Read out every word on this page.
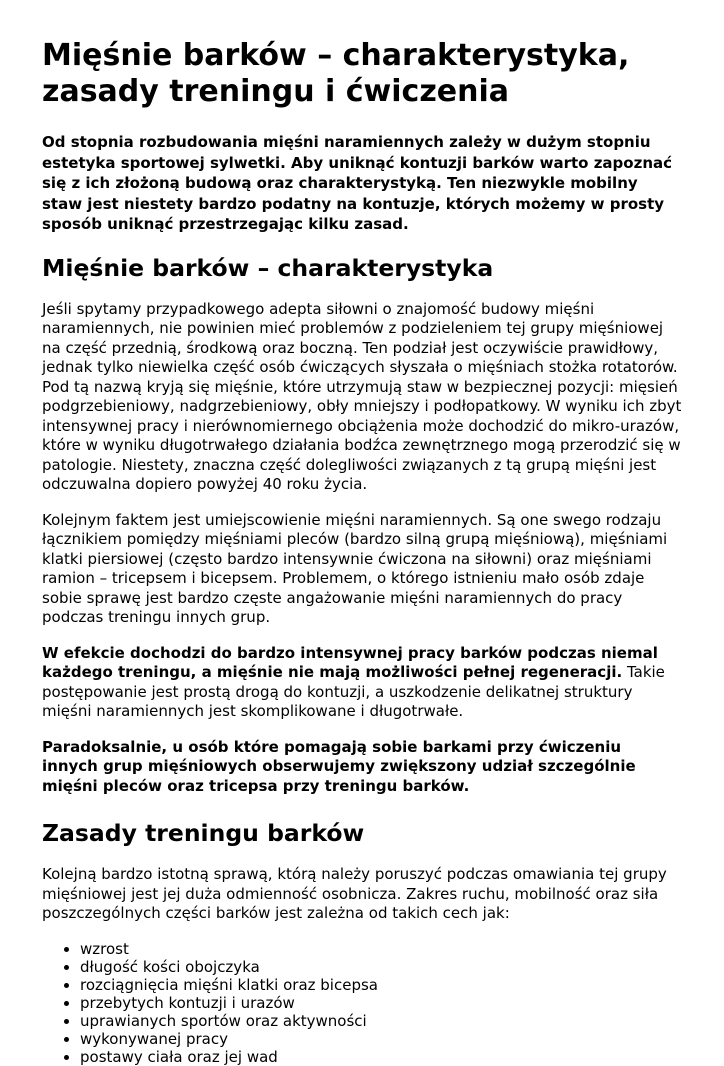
Mięśnie barków – charakterystyka, zasady treningu i ćwiczenia

Od stopnia rozbudowania mięśni naramiennych zależy w dużym stopniu estetyka sportowej sylwetki. Aby uniknąć kontuzji barków warto zapoznać się z ich złożoną budową oraz charakterystyką. Ten niezwykle mobilny staw jest niestety bardzo podatny na kontuzje, których możemy w prosty sposób uniknąć przestrzegając kilku zasad.

Mięśnie barków – charakterystyka

Jeśli spytamy przypadkowego adepta siłowni o znajomość budowy mięśni naramiennych, nie powinien mieć problemów z podzieleniem tej grupy mięśniowej na część przednią, środkową oraz boczną. Ten podział jest oczywiście prawidłowy, jednak tylko niewielka część osób ćwiczących słyszała o mięśniach stożka rotatorów. Pod tą nazwą kryją się mięśnie, które utrzymują staw w bezpiecznej pozycji: mięsień podgrzebieniowy, nadgrzebieniowy, obły mniejszy i podłopatkowy. W wyniku ich zbyt intensywnej pracy i nierównomiernego obciążenia może dochodzić do mikro-urazów, które w wyniku długotrwałego działania bodźca zewnętrznego mogą przerodzić się w patologie. Niestety, znaczna część dolegliwości związanych z tą grupą mięśni jest odczuwalna dopiero powyżej 40 roku życia.

Kolejnym faktem jest umiejscowienie mięśni naramiennych. Są one swego rodzaju łącznikiem pomiędzy mięśniami pleców (bardzo silną grupą mięśniową), mięśniami klatki piersiowej (często bardzo intensywnie ćwiczona na siłowni) oraz mięśniami ramion – tricepsem i bicepsem. Problemem, o którego istnieniu mało osób zdaje sobie sprawę jest bardzo częste angażowanie mięśni naramiennych do pracy podczas treningu innych grup.

W efekcie dochodzi do bardzo intensywnej pracy barków podczas niemal każdego treningu, a mięśnie nie mają możliwości pełnej regeneracji. Takie postępowanie jest prostą drogą do kontuzji, a uszkodzenie delikatnej struktury mięśni naramiennych jest skomplikowane i długotrwałe.

Paradoksalnie, u osób które pomagają sobie barkami przy ćwiczeniu innych grup mięśniowych obserwujemy zwiększony udział szczególnie mięśni pleców oraz tricepsa przy treningu barków.

Zasady treningu barków

Kolejną bardzo istotną sprawą, którą należy poruszyć podczas omawiania tej grupy mięśniowej jest jej duża odmienność osobnicza. Zakres ruchu, mobilność oraz siła poszczególnych części barków jest zależna od takich cech jak:

• wzrost
• długość kości obojczyka
• rozciągnięcia mięśni klatki oraz bicepsa
• przebytych kontuzji i urazów
• uprawianych sportów oraz aktywności
• wykonywanej pracy
• postawy ciała oraz jej wad
